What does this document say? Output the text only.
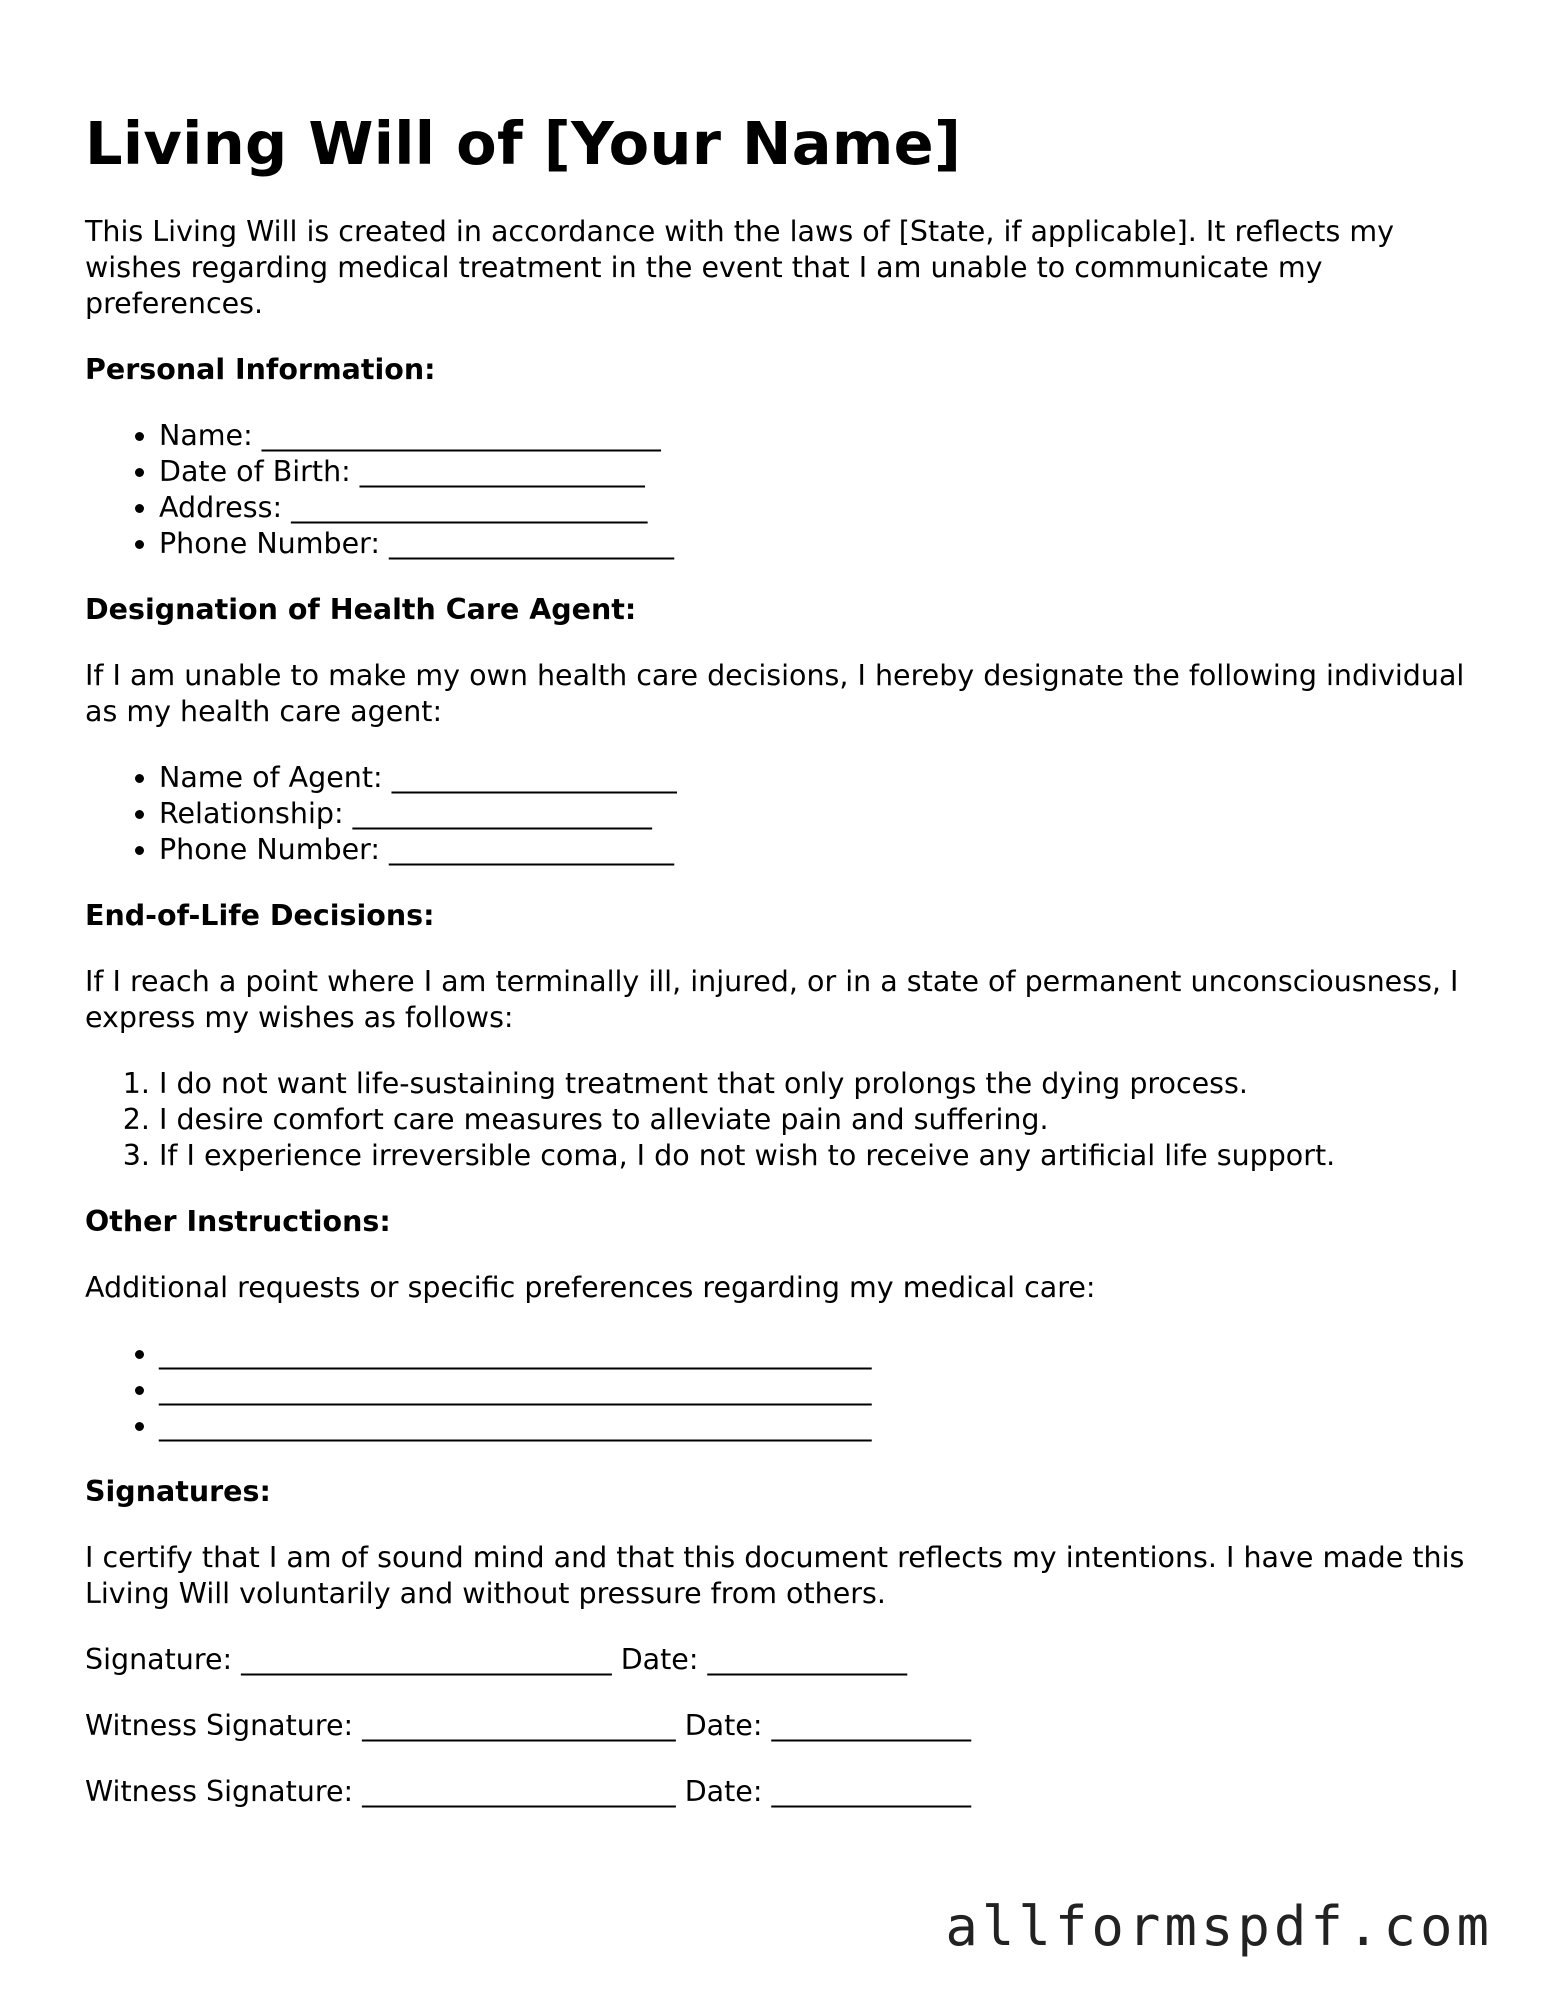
Living Will of [Your Name]

This Living Will is created in accordance with the laws of [State, if applicable]. It reflects my wishes regarding medical treatment in the event that I am unable to communicate my preferences.

Personal Information:
• Name: ____________________________
• Date of Birth: ____________________
• Address: _________________________
• Phone Number: ____________________
Designation of Health Care Agent:

If I am unable to make my own health care decisions, I hereby designate the following individual as my health care agent:

• Name of Agent: ____________________
• Relationship: _____________________
• Phone Number: ____________________
End-of-Life Decisions:

If I reach a point where I am terminally ill, injured, or in a state of permanent unconsciousness, I express my wishes as follows:

1. I do not want life-sustaining treatment that only prolongs the dying process.
2. I desire comfort care measures to alleviate pain and suffering.
3. If I experience irreversible coma, I do not wish to receive any artificial life support.
Other Instructions:

Additional requests or specific preferences regarding my medical care:

• __________________________________________________
• __________________________________________________
• __________________________________________________
Signatures:

I certify that I am of sound mind and that this document reflects my intentions. I have made this Living Will voluntarily and without pressure from others.

Signature: __________________________ Date: ______________
Witness Signature: ______________________ Date: ______________
Witness Signature: ______________________ Date: ______________
allformspdf.com
